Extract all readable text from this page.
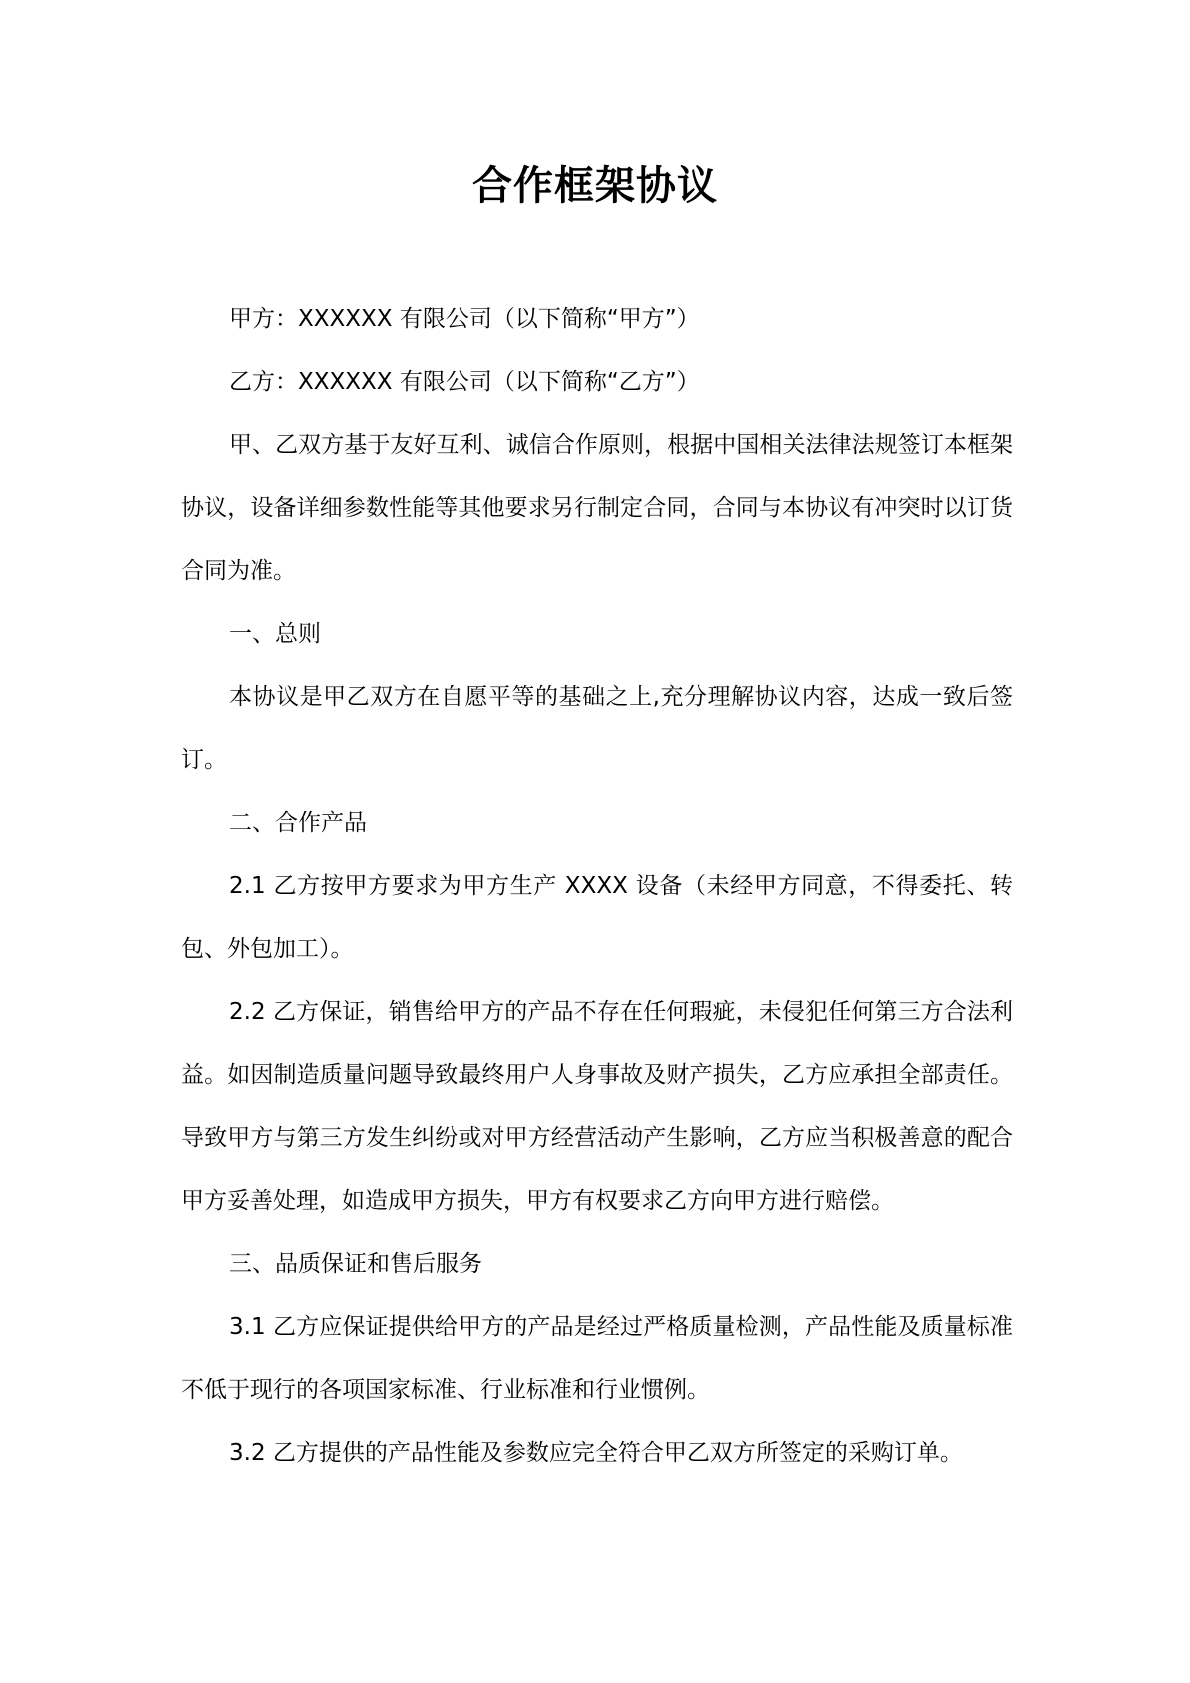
合作框架协议

甲方：XXXXXX 有限公司（以下简称“甲方”）

乙方：XXXXXX 有限公司（以下简称“乙方”）

甲、乙双方基于友好互利、诚信合作原则，根据中国相关法律法规签订本框架协议，设备详细参数性能等其他要求另行制定合同，合同与本协议有冲突时以订货合同为准。

一、总则

本协议是甲乙双方在自愿平等的基础之上,充分理解协议内容，达成一致后签订。

二、合作产品

2.1 乙方按甲方要求为甲方生产 XXXX 设备（未经甲方同意，不得委托、转包、外包加工）。

2.2 乙方保证，销售给甲方的产品不存在任何瑕疵，未侵犯任何第三方合法利益。如因制造质量问题导致最终用户人身事故及财产损失，乙方应承担全部责任。导致甲方与第三方发生纠纷或对甲方经营活动产生影响，乙方应当积极善意的配合甲方妥善处理，如造成甲方损失，甲方有权要求乙方向甲方进行赔偿。

三、品质保证和售后服务

3.1 乙方应保证提供给甲方的产品是经过严格质量检测，产品性能及质量标准不低于现行的各项国家标准、行业标准和行业惯例。

3.2 乙方提供的产品性能及参数应完全符合甲乙双方所签定的采购订单。
